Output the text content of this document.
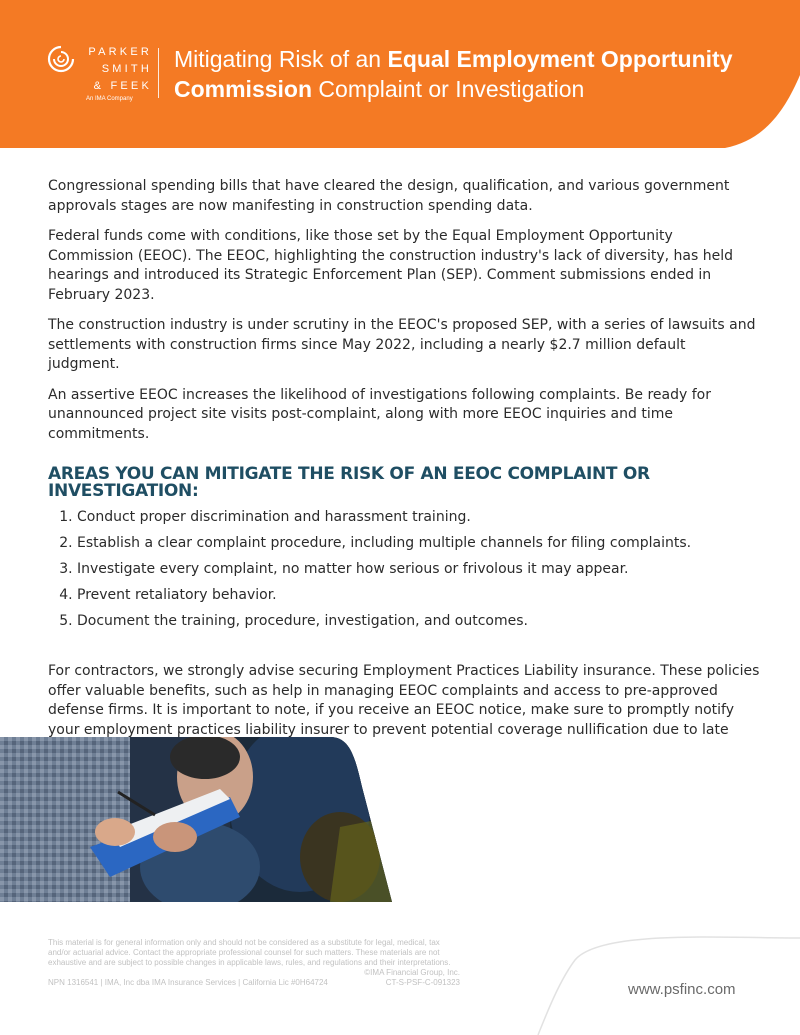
PARKER
SMITH
& FEEK
An IMA Company
Mitigating Risk of an Equal Employment Opportunity Commission Complaint or Investigation

Congressional spending bills that have cleared the design, qualification, and various government approvals stages are now manifesting in construction spending data.

Federal funds come with conditions, like those set by the Equal Employment Opportunity Commission (EEOC). The EEOC, highlighting the construction industry's lack of diversity, has held hearings and introduced its Strategic Enforcement Plan (SEP). Comment submissions ended in February 2023.

The construction industry is under scrutiny in the EEOC's proposed SEP, with a series of lawsuits and settlements with construction firms since May 2022, including a nearly $2.7 million default judgment.

An assertive EEOC increases the likelihood of investigations following complaints. Be ready for unannounced project site visits post-complaint, along with more EEOC inquiries and time commitments.

AREAS YOU CAN MITIGATE THE RISK OF AN EEOC COMPLAINT OR INVESTIGATION:
1. Conduct proper discrimination and harassment training.
2. Establish a clear complaint procedure, including multiple channels for filing complaints.
3. Investigate every complaint, no matter how serious or frivolous it may appear.
4. Prevent retaliatory behavior.
5. Document the training, procedure, investigation, and outcomes.

For contractors, we strongly advise securing Employment Practices Liability insurance. These policies offer valuable benefits, such as help in managing EEOC complaints and access to pre-approved defense firms. It is important to note, if you receive an EEOC notice, make sure to promptly notify your employment practices liability insurer to prevent potential coverage nullification due to late

This material is for general information only and should not be considered as a substitute for legal, medical, tax and/or actuarial advice. Contact the appropriate professional counsel for such matters. These materials are not exhaustive and are subject to possible changes in applicable laws, rules, and regulations and their interpretations.
©IMA Financial Group, Inc.
NPN 1316541 | IMA, Inc dba IMA Insurance Services | California Lic #0H64724	CT-S-PSF-C-091323	www.psfinc.com
